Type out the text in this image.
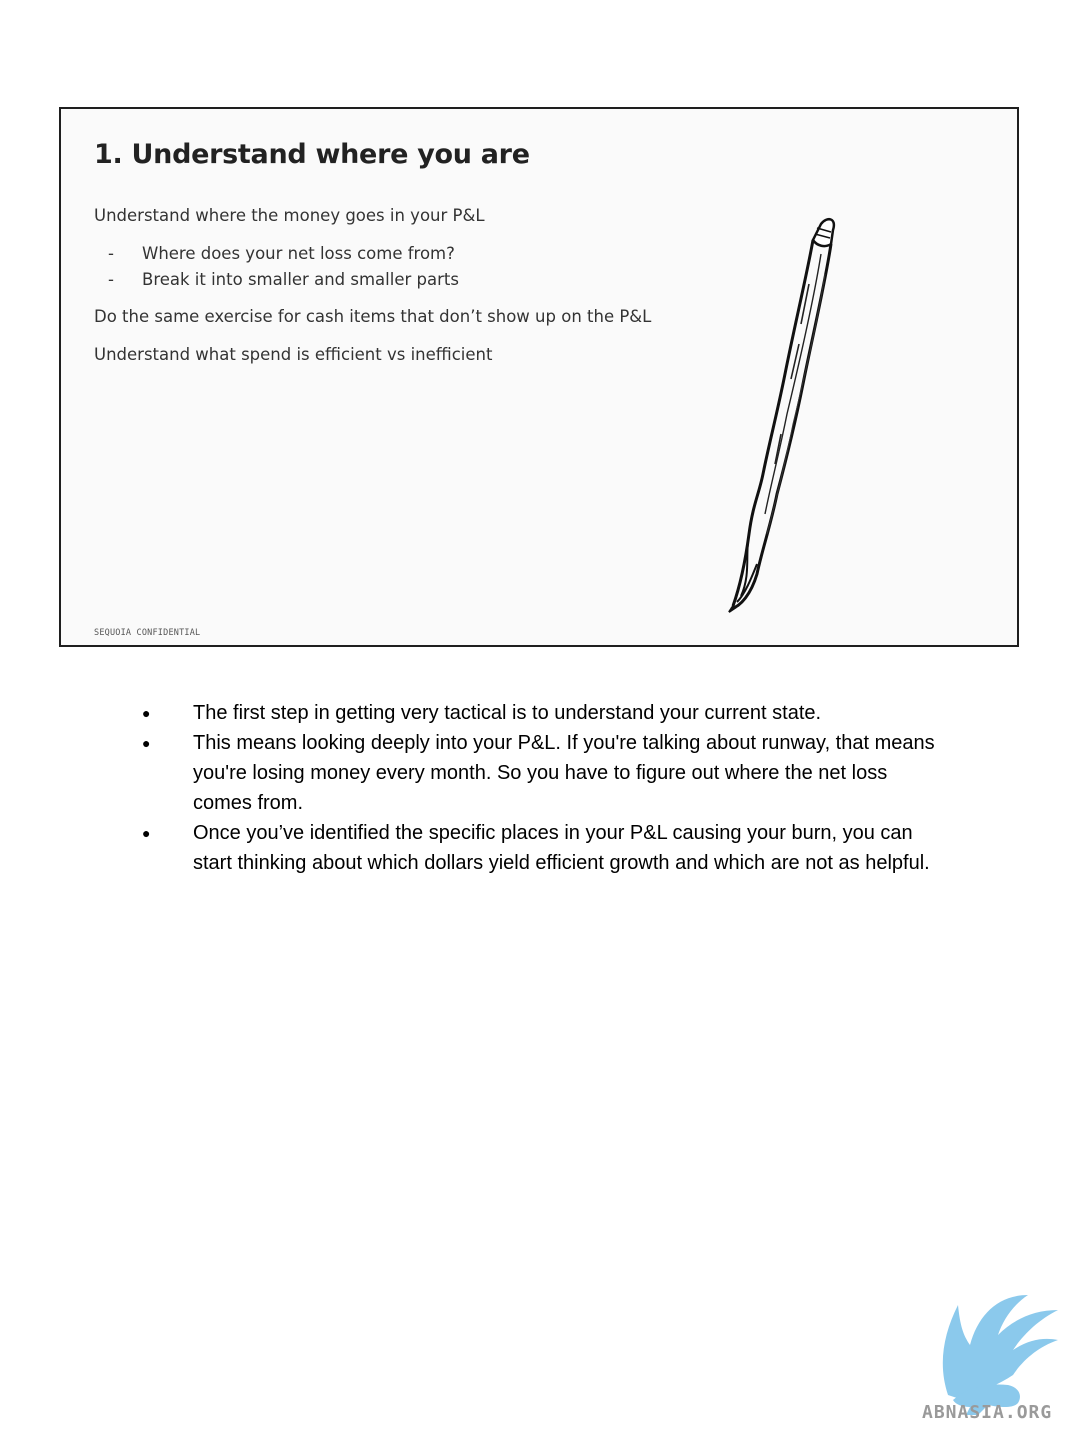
1. Understand where you are

Understand where the money goes in your P&L

- Where does your net loss come from?
- Break it into smaller and smaller parts

Do the same exercise for cash items that don’t show up on the P&L

Understand what spend is efficient vs inefficient

SEQUOIA CONFIDENTIAL
● The first step in getting very tactical is to understand your current state.
● This means looking deeply into your P&L. If you're talking about runway, that means you're losing money every month. So you have to figure out where the net loss comes from.
● Once you’ve identified the specific places in your P&L causing your burn, you can start thinking about which dollars yield efficient growth and which are not as helpful.
ABNASIA.ORG
